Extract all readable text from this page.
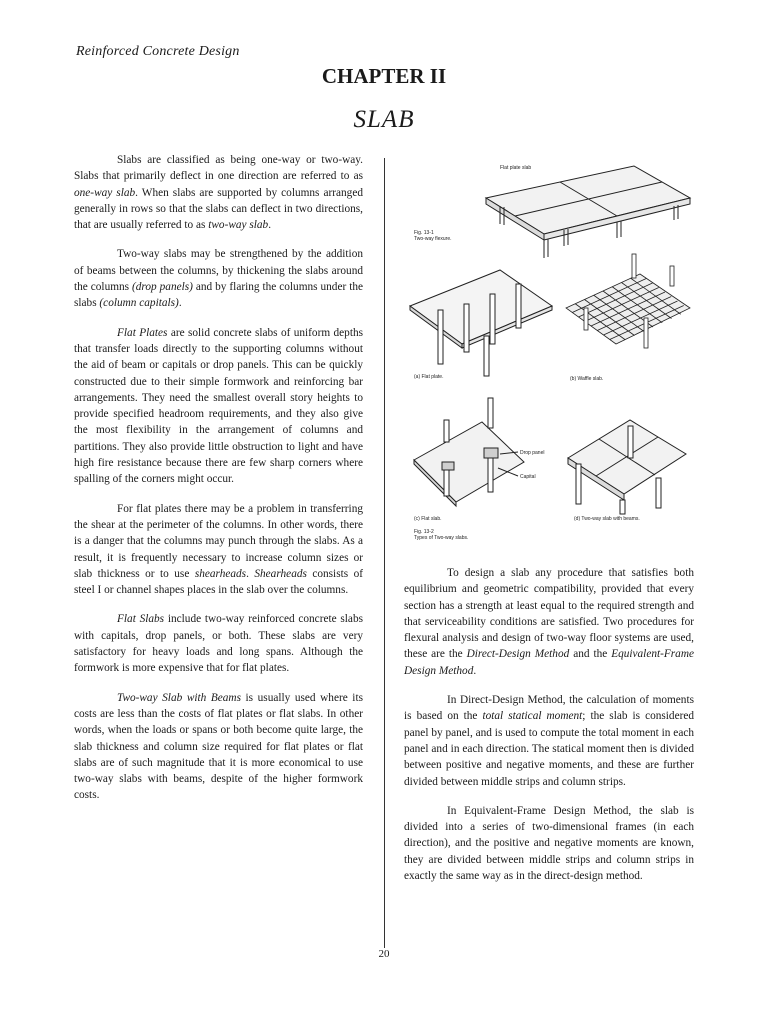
Reinforced Concrete Design
CHAPTER II
SLAB

Slabs are classified as being one-way or two-way. Slabs that primarily deflect in one direction are referred to as one-way slab. When slabs are supported by columns arranged generally in rows so that the slabs can deflect in two directions, that are usually referred to as two-way slab.

Two-way slabs may be strengthened by the addition of beams between the columns, by thickening the slabs around the columns (drop panels) and by flaring the columns under the slabs (column capitals).

Flat Plates are solid concrete slabs of uniform depths that transfer loads directly to the supporting columns without the aid of beam or capitals or drop panels. This can be quickly constructed due to their simple formwork and reinforcing bar arrangements. They need the smallest overall story heights to provide specified headroom requirements, and they also give the most flexibility in the arrangement of columns and partitions. They also provide little obstruction to light and have high fire resistance because there are few sharp corners where spalling of the corners might occur.

For flat plates there may be a problem in transferring the shear at the perimeter of the columns. In other words, there is a danger that the columns may punch through the slabs. As a result, it is frequently necessary to increase column sizes or slab thickness or to use shearheads. Shearheads consists of steel I or channel shapes places in the slab over the columns.

Flat Slabs include two-way reinforced concrete slabs with capitals, drop panels, or both. These slabs are very satisfactory for heavy loads and long spans. Although the formwork is more expensive that for flat plates.

Two-way Slab with Beams is usually used where its costs are less than the costs of flat plates or flat slabs. In other words, when the loads or spans or both become quite large, the slab thickness and column size required for flat plates or flat slabs are of such magnitude that it is more economical to use two-way slabs with beams, despite of the higher formwork costs.

Flat plate slab
Fig. 13-1
Two-way flexure.
(a) Flat plate.	(b) Waffle slab.
Drop panel
Capital
(c) Flat slab.	(d) Two-way slab with beams.
Fig. 13-2
Types of Two-way slabs.

To design a slab any procedure that satisfies both equilibrium and geometric compatibility, provided that every section has a strength at least equal to the required strength and that serviceability conditions are satisfied. Two procedures for flexural analysis and design of two-way floor systems are used, these are the Direct-Design Method and the Equivalent-Frame Design Method.

In Direct-Design Method, the calculation of moments is based on the total statical moment; the slab is considered panel by panel, and is used to compute the total moment in each panel and in each direction. The statical moment then is divided between positive and negative moments, and these are further divided between middle strips and column strips.

In Equivalent-Frame Design Method, the slab is divided into a series of two-dimensional frames (in each direction), and the positive and negative moments are known, they are divided between middle strips and column strips in exactly the same way as in the direct-design method.

20
